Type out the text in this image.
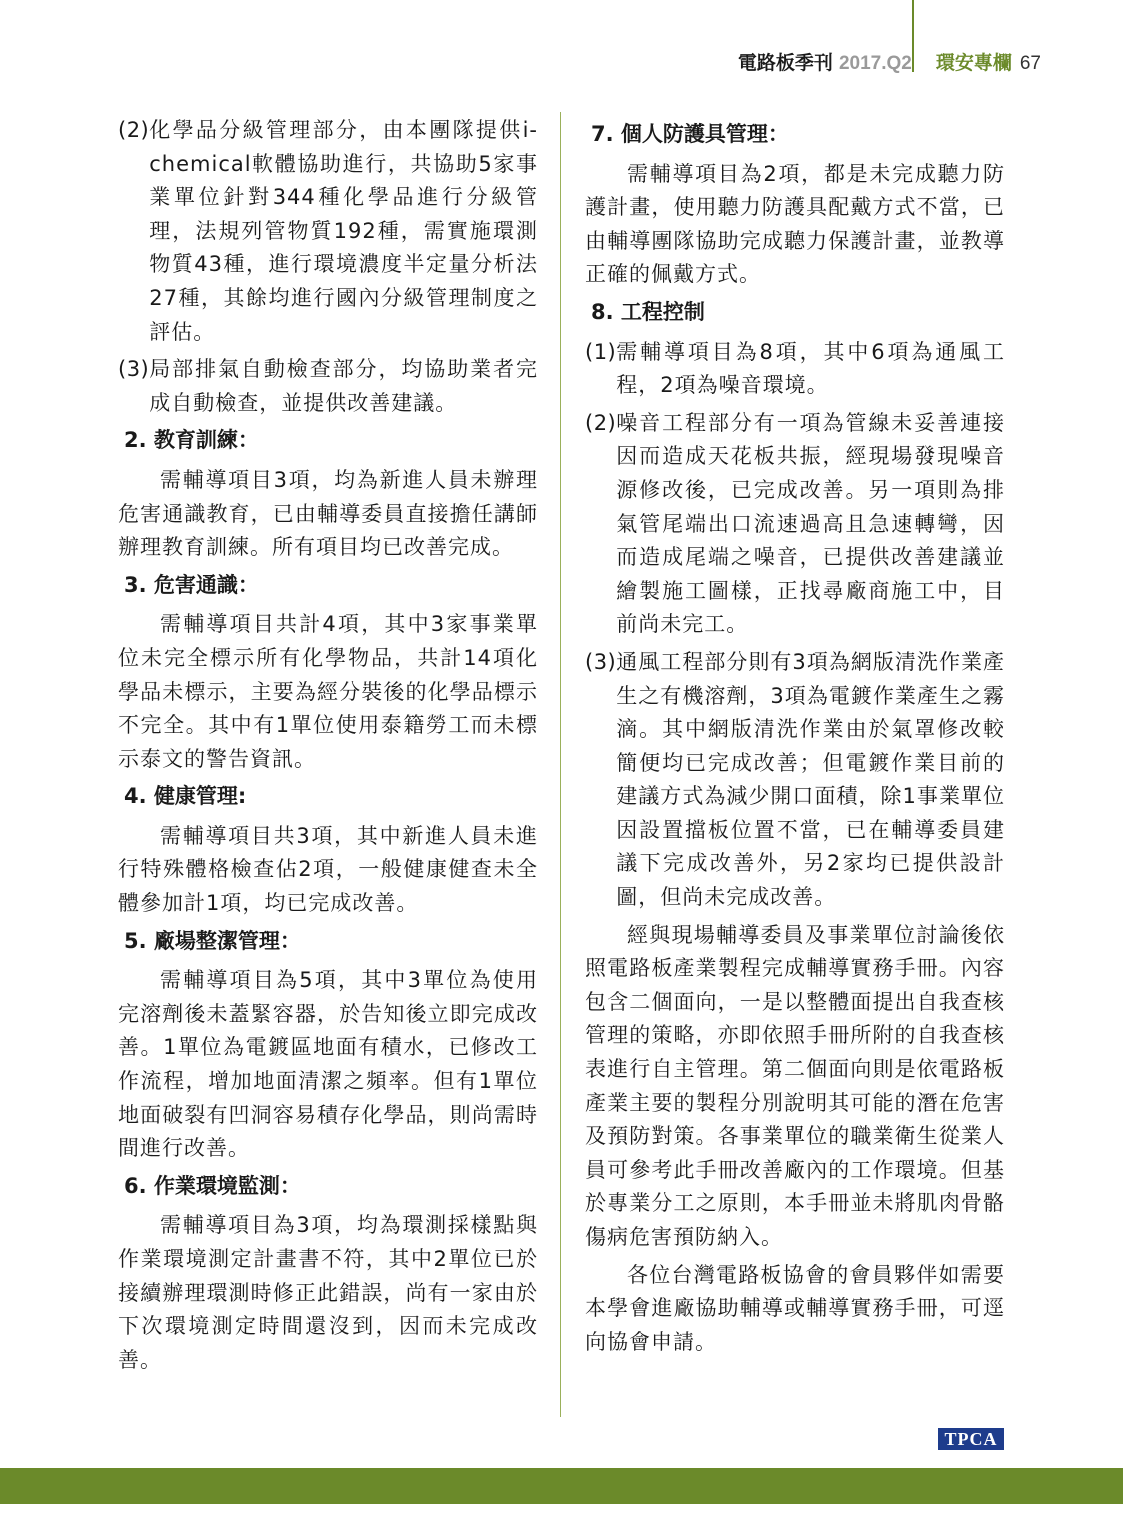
電路板季刊 2017.Q2 環安專欄 67
(2) 化學品分級管理部分，由本團隊提供i-chemical軟體協助進行，共協助5家事業單位針對344種化學品進行分級管理，法規列管物質192種，需實施環測物質43種，進行環境濃度半定量分析法27種，其餘均進行國內分級管理制度之評估。
(3) 局部排氣自動檢查部分，均協助業者完成自動檢查，並提供改善建議。
2. 教育訓練：

需輔導項目3項，均為新進人員未辦理危害通識教育，已由輔導委員直接擔任講師辦理教育訓練。所有項目均已改善完成。

3. 危害通識：

需輔導項目共計4項，其中3家事業單位未完全標示所有化學物品，共計14項化學品未標示，主要為經分裝後的化學品標示不完全。其中有1單位使用泰籍勞工而未標示泰文的警告資訊。

4. 健康管理:

需輔導項目共3項，其中新進人員未進行特殊體格檢查佔2項，一般健康健查未全體參加計1項，均已完成改善。

5. 廠場整潔管理：

需輔導項目為5項，其中3單位為使用完溶劑後未蓋緊容器，於告知後立即完成改善。1單位為電鍍區地面有積水，已修改工作流程，增加地面清潔之頻率。但有1單位地面破裂有凹洞容易積存化學品，則尚需時間進行改善。

6. 作業環境監測：

需輔導項目為3項，均為環測採樣點與作業環境測定計畫書不符，其中2單位已於接續辦理環測時修正此錯誤，尚有一家由於下次環境測定時間還沒到，因而未完成改善。

7. 個人防護具管理：

需輔導項目為2項，都是未完成聽力防護計畫，使用聽力防護具配戴方式不當，已由輔導團隊協助完成聽力保護計畫，並教導正確的佩戴方式。

8. 工程控制
(1) 需輔導項目為8項，其中6項為通風工程，2項為噪音環境。
(2) 噪音工程部分有一項為管線未妥善連接因而造成天花板共振，經現場發現噪音源修改後，已完成改善。另一項則為排氣管尾端出口流速過高且急速轉彎，因而造成尾端之噪音，已提供改善建議並繪製施工圖樣，正找尋廠商施工中，目前尚未完工。
(3) 通風工程部分則有3項為網版清洗作業產生之有機溶劑，3項為電鍍作業產生之霧滴。其中網版清洗作業由於氣罩修改較簡便均已完成改善；但電鍍作業目前的建議方式為減少開口面積，除1事業單位因設置擋板位置不當，已在輔導委員建議下完成改善外，另2家均已提供設計圖，但尚未完成改善。

經與現場輔導委員及事業單位討論後依照電路板產業製程完成輔導實務手冊。內容包含二個面向，一是以整體面提出自我查核管理的策略，亦即依照手冊所附的自我查核表進行自主管理。第二個面向則是依電路板產業主要的製程分別說明其可能的潛在危害及預防對策。各事業單位的職業衛生從業人員可參考此手冊改善廠內的工作環境。但基於專業分工之原則，本手冊並未將肌肉骨骼傷病危害預防納入。

各位台灣電路板協會的會員夥伴如需要本學會進廠協助輔導或輔導實務手冊，可逕向協會申請。

TPCA
